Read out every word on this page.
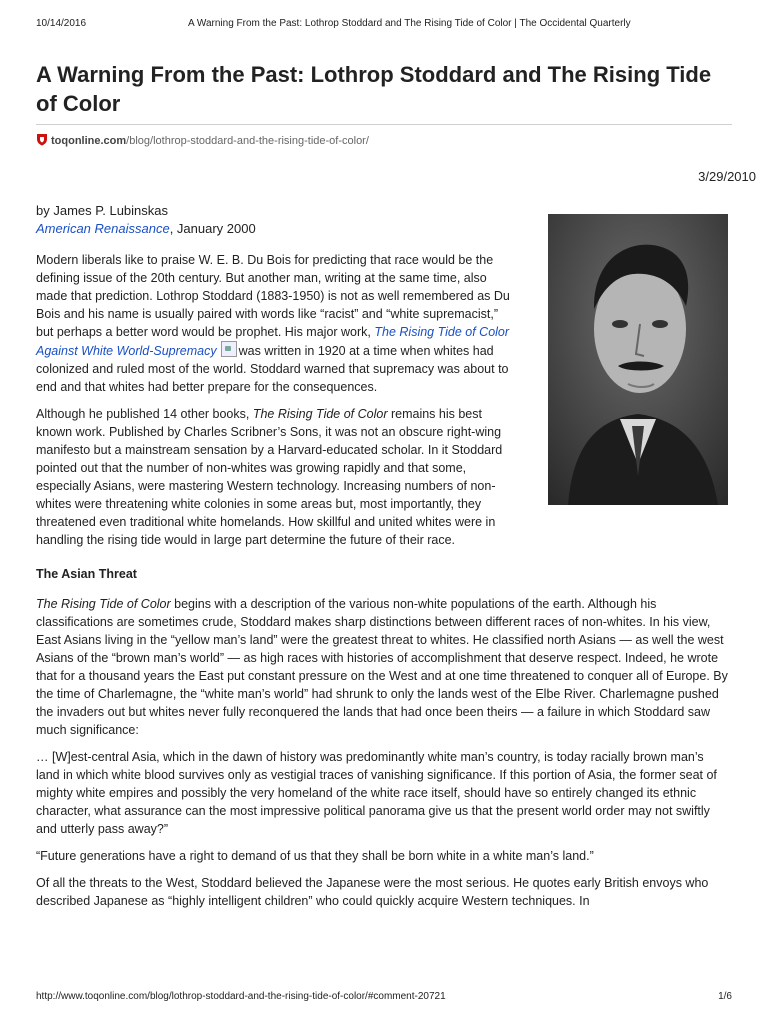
10/14/2016	A Warning From the Past: Lothrop Stoddard and The Rising Tide of Color | The Occidental Quarterly
A Warning From the Past: Lothrop Stoddard and The Rising Tide of Color
toqonline.com/blog/lothrop-stoddard-and-the-rising-tide-of-color/
3/29/2010
by James P. Lubinskas
American Renaissance, January 2000

Modern liberals like to praise W. E. B. Du Bois for predicting that race would be the defining issue of the 20th century. But another man, writing at the same time, also made that prediction. Lothrop Stoddard (1883-1950) is not as well remembered as Du Bois and his name is usually paired with words like “racist” and “white supremacist,” but perhaps a better word would be prophet. His major work, The Rising Tide of Color Against White World-Supremacy was written in 1920 at a time when whites had colonized and ruled most of the world. Stoddard warned that supremacy was about to end and that whites had better prepare for the consequences.

Although he published 14 other books, The Rising Tide of Color remains his best known work. Published by Charles Scribner’s Sons, it was not an obscure right-wing manifesto but a mainstream sensation by a Harvard-educated scholar. In it Stoddard pointed out that the number of non-whites was growing rapidly and that some, especially Asians, were mastering Western technology. Increasing numbers of non-whites were threatening white colonies in some areas but, most importantly, they threatened even traditional white homelands. How skillful and united whites were in handling the rising tide would in large part determine the future of their race.

The Asian Threat

The Rising Tide of Color begins with a description of the various non-white populations of the earth. Although his classifications are sometimes crude, Stoddard makes sharp distinctions between different races of non-whites. In his view, East Asians living in the “yellow man’s land” were the greatest threat to whites. He classified north Asians — as well the west Asians of the “brown man’s world” — as high races with histories of accomplishment that deserve respect. Indeed, he wrote that for a thousand years the East put constant pressure on the West and at one time threatened to conquer all of Europe. By the time of Charlemagne, the “white man’s world” had shrunk to only the lands west of the Elbe River. Charlemagne pushed the invaders out but whites never fully reconquered the lands that had once been theirs — a failure in which Stoddard saw much significance:

… [W]est-central Asia, which in the dawn of history was predominantly white man’s country, is today racially brown man’s land in which white blood survives only as vestigial traces of vanishing significance. If this portion of Asia, the former seat of mighty white empires and possibly the very homeland of the white race itself, should have so entirely changed its ethnic character, what assurance can the most impressive political panorama give us that the present world order may not swiftly and utterly pass away?”

“Future generations have a right to demand of us that they shall be born white in a white man’s land.”

Of all the threats to the West, Stoddard believed the Japanese were the most serious. He quotes early British envoys who described Japanese as “highly intelligent children” who could quickly acquire Western techniques. In

http://www.toqonline.com/blog/lothrop-stoddard-and-the-rising-tide-of-color/#comment-20721	1/6
